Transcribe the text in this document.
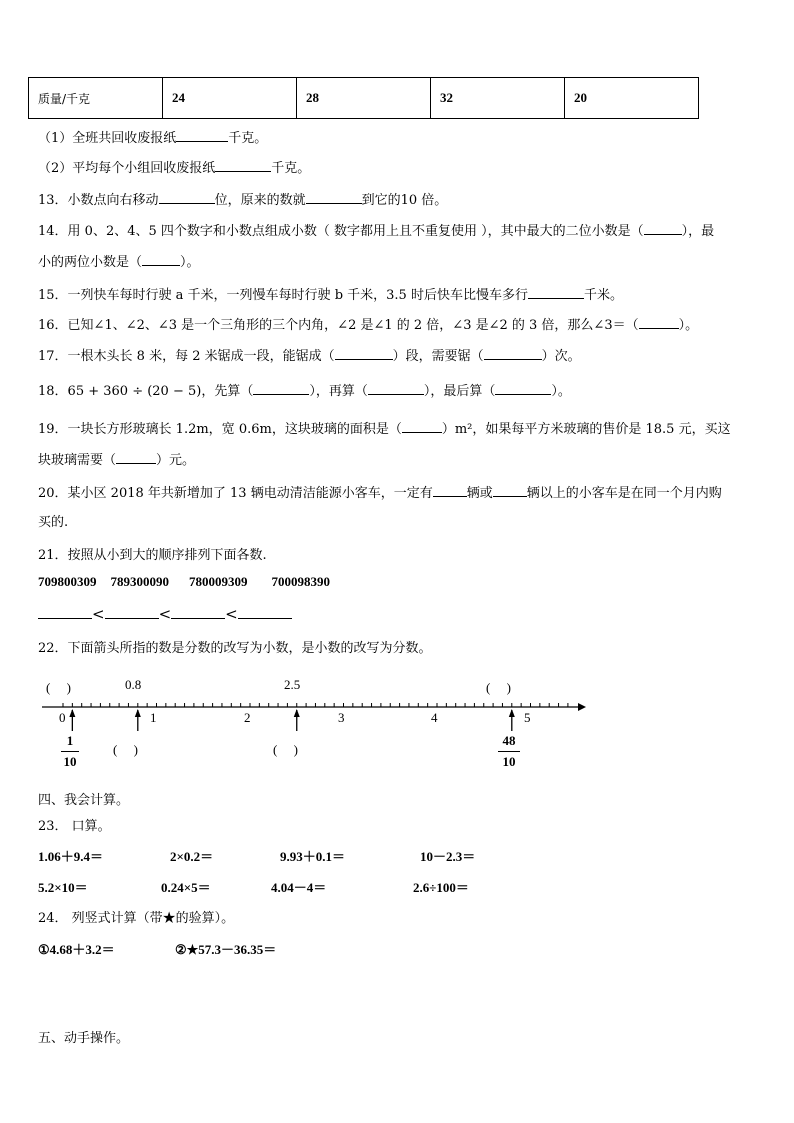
质量/千克	24	28	32	20
（1）全班共回收废报纸	千克。
（2）平均每个小组回收废报纸	千克。
13．小数点向右移动	位，原来的数就	到它的10 倍。
14．用 0、2、4、5 四个数字和小数点组成小数（ 数字都用上且不重复使用 ），其中最大的二位小数是（	），最
小的两位小数是（	）。
15．一列快车每时行驶 a 千米，一列慢车每时行驶 b 千米，3.5 时后快车比慢车多行	千米。
16．已知∠1、∠2、∠3 是一个三角形的三个内角，∠2 是∠1 的 2 倍，∠3 是∠2 的 3 倍，那么∠3＝（	）。
17．一根木头长 8 米，每 2 米锯成一段，能锯成（	）段，需要锯（	）次。
18．65 + 360 ÷ (20 − 5)，先算（	），再算（	），最后算（	）。
19．一块长方形玻璃长 1.2m，宽 0.6m，这块玻璃的面积是（	）m²，如果每平方米玻璃的售价是 18.5 元，买这
块玻璃需要（	）元。
20．某小区 2018 年共新增加了 13 辆电动清洁能源小客车，一定有	辆或	辆以上的小客车是在同一个月内购
买的.
21．按照从小到大的顺序排列下面各数.
709800309 789300090 780009309 700098390
<	<	<
22．下面箭头所指的数是分数的改写为小数，是小数的改写为分数。
(　 )	0.8	2.5	(　 )
0	1	2	3	4	5
1
10
(　 )	(　 )
48
10
四、我会计算。
23． 口算。
1.06＋9.4＝	2×0.2＝	9.93＋0.1＝	10－2.3＝
5.2×10＝	0.24×5＝	4.04－4＝	2.6÷100＝
24． 列竖式计算（带★的验算）。
①4.68＋3.2＝	②★57.3－36.35＝
五、动手操作。
